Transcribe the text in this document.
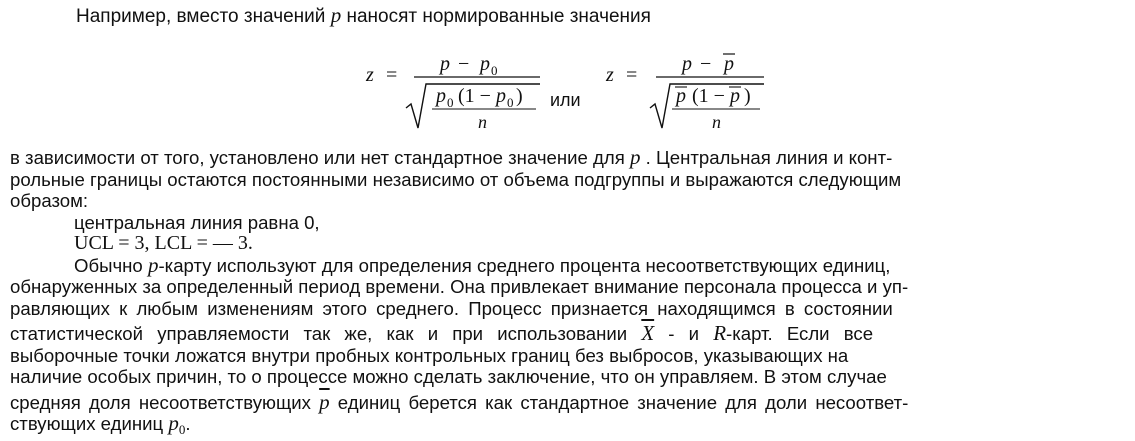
Например, вместо значений p наносят нормированные значения
z = p − p 0
p 0 (1 − p 0 )
n
или
z = p − p
p (1 − p )
n
в зависимости от того, установлено или нет стандартное значение для p . Центральная линия и конт-
рольные границы остаются постоянными независимо от объема подгруппы и выражаются следующим
образом:
центральная линия равна 0,
UCL = 3, LCL = — 3.
Обычно p-карту используют для определения среднего процента несоответствующих единиц,
обнаруженных за определенный период времени. Она привлекает внимание персонала процесса и уп-
равляющих к любым изменениям этого среднего. Процесс признается находящимся в состоянии
статистической управляемости так же, как и при использовании $\overline{X}$ - и R-карт. Если все
выборочные точки ложатся внутри пробных контрольных границ без выбросов, указывающих на
наличие особых причин, то о процессе можно сделать заключение, что он управляем. В этом случае
средняя доля несоответствующих $\overline{p}$ единиц берется как стандартное значение для доли несоответ-
ствующих единиц $p_0$.
